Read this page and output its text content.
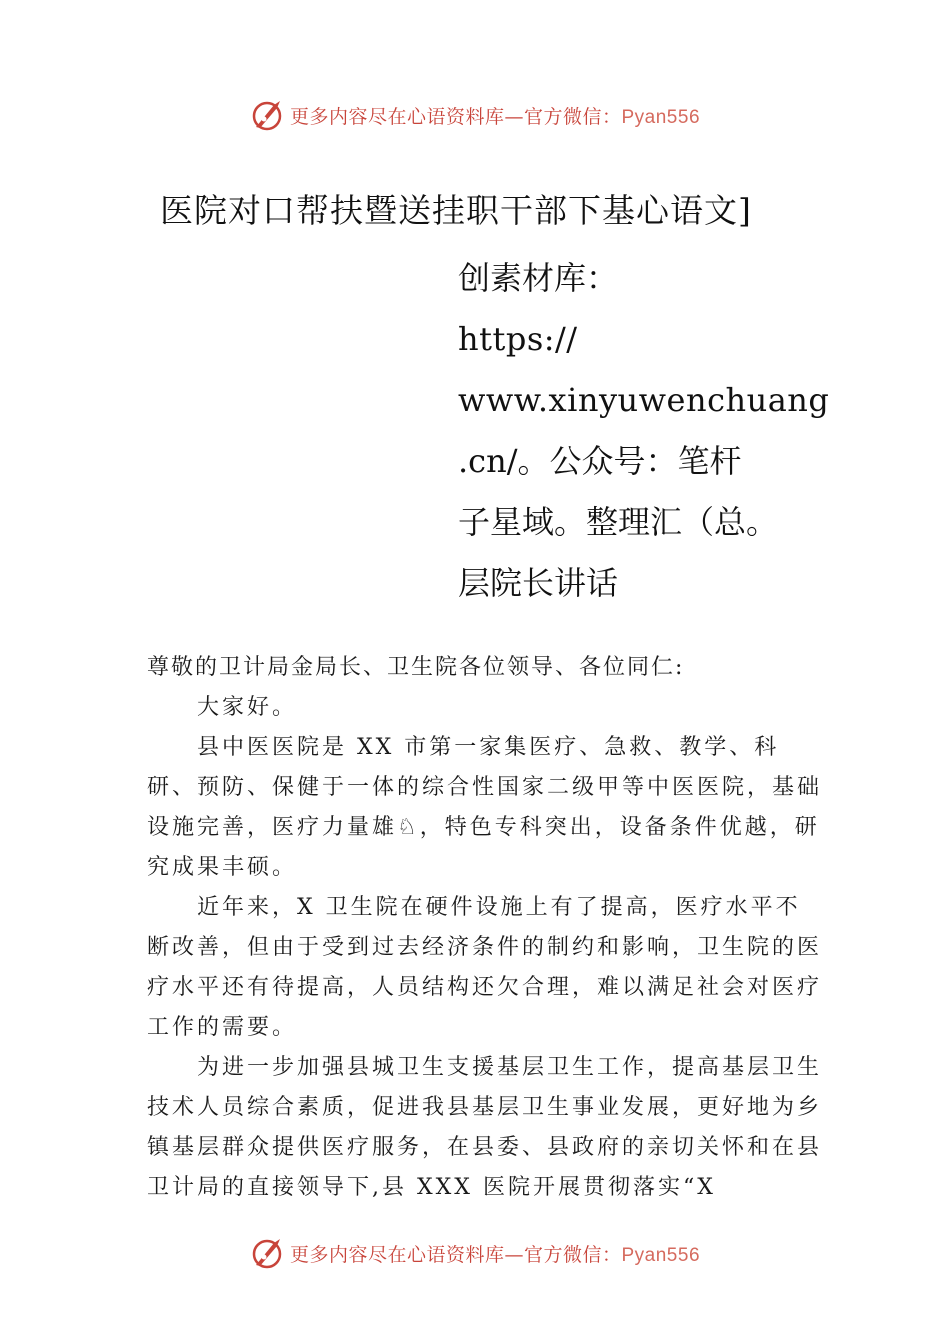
更多内容尽在心语资料库—官方微信：Pyan556
医院对口帮扶暨送挂职干部下基心语文]
创素材库：
https://
www.xinyuwenchuang
.cn/。公众号：笔杆
子星域。整理汇（总。
层院长讲话

尊敬的卫计局金局长、卫生院各位领导、各位同仁:

大家好。

县中医医院是 XX 市第一家集医疗、急救、教学、科研、预防、保健于一体的综合性国家二级甲等中医医院，基础设施完善，医疗力量雄♘，特色专科突出，设备条件优越，研 究成果丰硕。

近年来，X 卫生院在硬件设施上有了提高，医疗水平不断改善，但由于受到过去经济条件的制约和影响，卫生院的医疗水平还有待提高，人员结构还欠合理，难以满足社会对医疗工作的需要。

为进一步加强县城卫生支援基层卫生工作，提高基层卫生技术人员综合素质，促进我县基层卫生事业发展，更好地为乡镇基层群众提供医疗服务，在县委、县政府的亲切关怀和在县卫计局的直接领导下,县 XXX 医院开展贯彻落实“X

更多内容尽在心语资料库—官方微信：Pyan556
